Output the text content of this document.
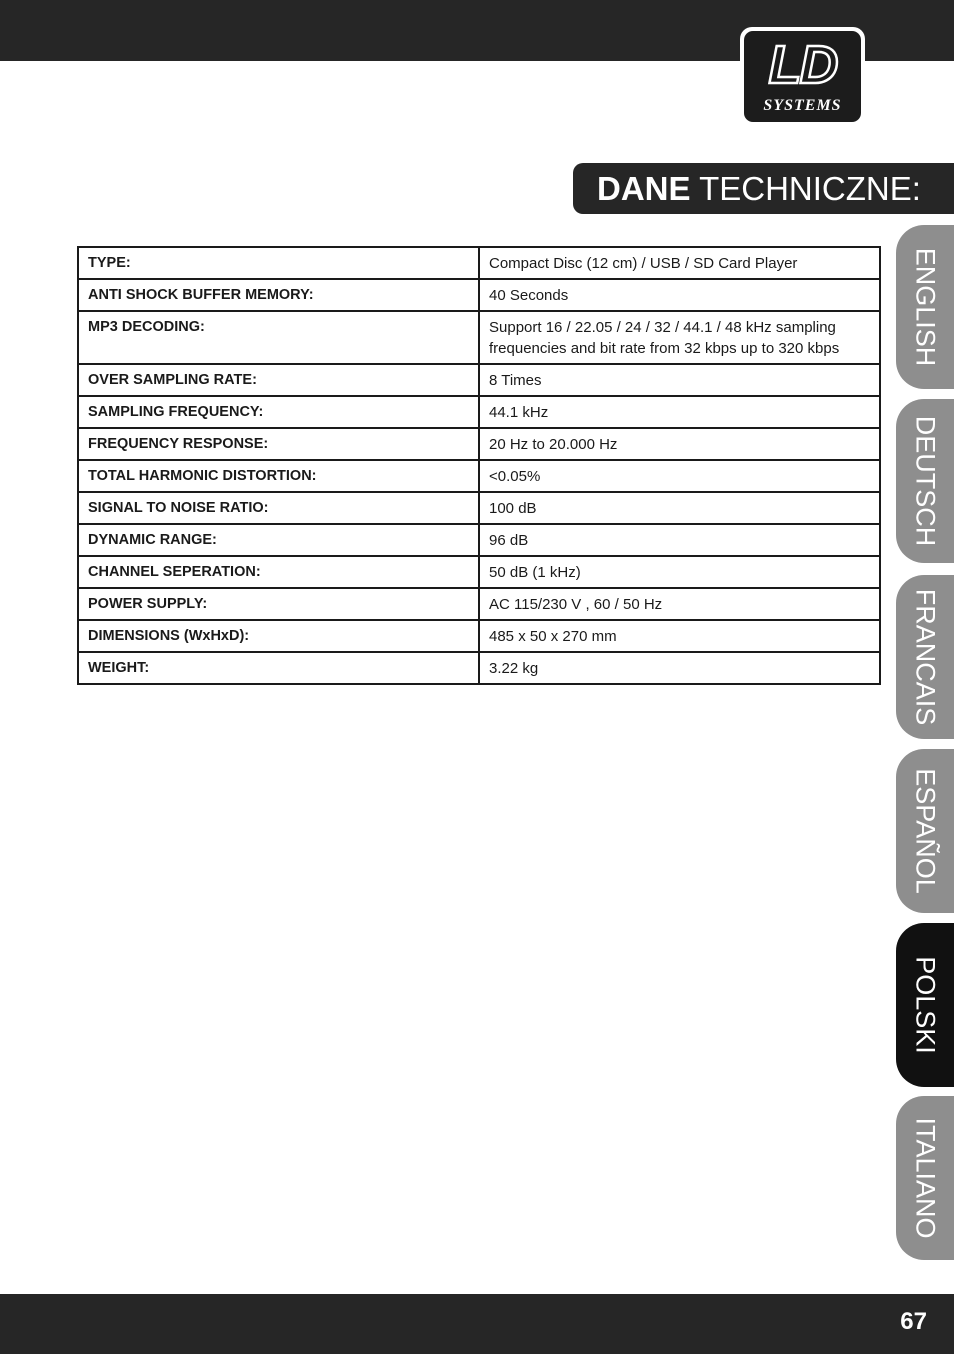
LD
SYSTEMS
DANE TECHNICZNE:
TYPE:	Compact Disc (12 cm) / USB / SD Card Player
ANTI SHOCK BUFFER MEMORY:	40 Seconds
MP3 DECODING:	Support 16 / 22.05 / 24 / 32 / 44.1 / 48 kHz sampling frequencies and bit rate from 32 kbps up to 320 kbps
OVER SAMPLING RATE:	8 Times
SAMPLING FREQUENCY:	44.1 kHz
FREQUENCY RESPONSE:	20 Hz to 20.000 Hz
TOTAL HARMONIC DISTORTION:	<0.05%
SIGNAL TO NOISE RATIO:	100 dB
DYNAMIC RANGE:	96 dB
CHANNEL SEPERATION:	50 dB (1 kHz)
POWER SUPPLY:	AC 115/230 V , 60 / 50 Hz
DIMENSIONS (WxHxD):	485 x 50 x 270 mm
WEIGHT:	3.22 kg
ENGLISH
DEUTSCH
FRANCAIS
ESPAÑOL
POLSKI
ITALIANO
67
